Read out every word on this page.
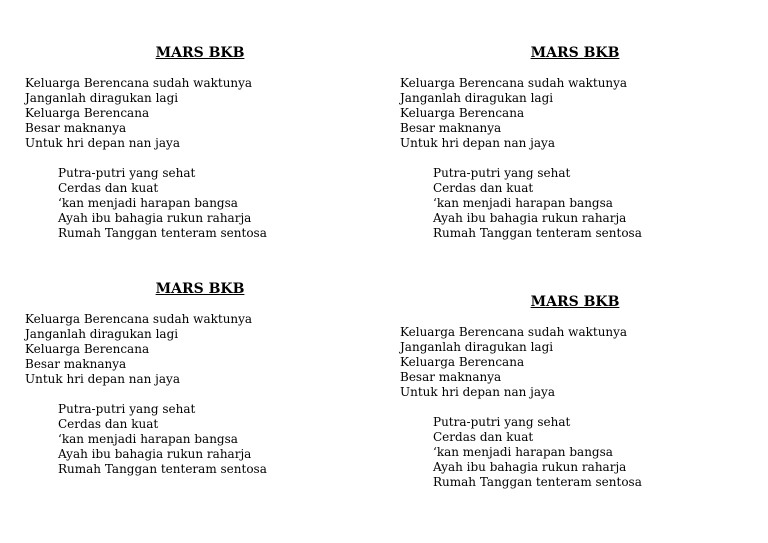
MARS BKB
Keluarga Berencana sudah waktunya
Janganlah diragukan lagi
Keluarga Berencana
Besar maknanya
Untuk hri depan nan jaya
Putra-putri yang sehat
Cerdas dan kuat
‘kan menjadi harapan bangsa
Ayah ibu bahagia rukun raharja
Rumah Tanggan tenteram sentosa
MARS BKB
Keluarga Berencana sudah waktunya
Janganlah diragukan lagi
Keluarga Berencana
Besar maknanya
Untuk hri depan nan jaya
Putra-putri yang sehat
Cerdas dan kuat
‘kan menjadi harapan bangsa
Ayah ibu bahagia rukun raharja
Rumah Tanggan tenteram sentosa
MARS BKB
Keluarga Berencana sudah waktunya
Janganlah diragukan lagi
Keluarga Berencana
Besar maknanya
Untuk hri depan nan jaya
Putra-putri yang sehat
Cerdas dan kuat
‘kan menjadi harapan bangsa
Ayah ibu bahagia rukun raharja
Rumah Tanggan tenteram sentosa
MARS BKB
Keluarga Berencana sudah waktunya
Janganlah diragukan lagi
Keluarga Berencana
Besar maknanya
Untuk hri depan nan jaya
Putra-putri yang sehat
Cerdas dan kuat
‘kan menjadi harapan bangsa
Ayah ibu bahagia rukun raharja
Rumah Tanggan tenteram sentosa
